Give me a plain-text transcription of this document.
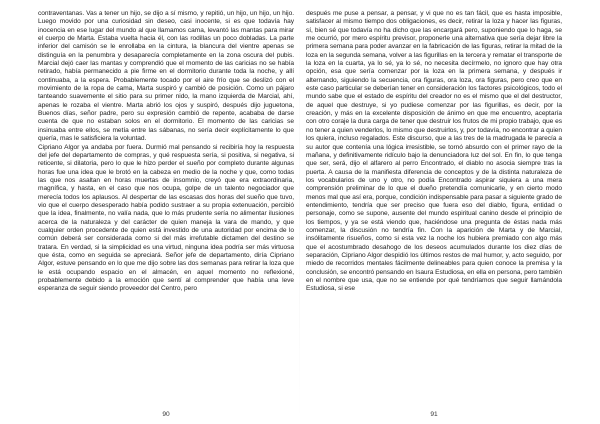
contraventanas. Vas a tener un hijo, se dijo a sí mismo, y repitió, un hijo, un hijo, un hijo. Luego movido por una curiosidad sin deseo, casi inocente, si es que todavía hay inocencia en ese lugar del mundo al que llamamos cama, levantó las mantas para mirar el cuerpo de Marta. Estaba vuelta hacia él, con las rodillas un poco dobladas. La parte inferior del camisón se le enrollaba en la cintura, la blancura del vientre apenas se distinguía en la penumbra y desaparecía completamente en la zona oscura del pubis. Marcial dejó caer las mantas y comprendió que el momento de las caricias no se había retirado, había permanecido a pie firme en el dormitorio durante toda la noche, y allí continuaba, a la espera. Probablemente tocado por el aire frío que se deslizó con el movimiento de la ropa de cama, Marta suspiró y cambió de posición. Como un pájaro tanteando suavemente el sitio para su primer nido, la mano izquierda de Marcial, ahí, apenas le rozaba el vientre. Marta abrió los ojos y suspiró, después dijo juguetona, Buenos días, señor padre, pero su expresión cambió de repente, acababa de darse cuenta de que no estaban solos en el dormitorio. El momento de las caricias se insinuaba entre ellos, se metía entre las sábanas, no sería decir explícitamente lo que quería, mas le satisficiera la voluntad.

Cipriano Algor ya andaba por fuera. Durmió mal pensando si recibiría hoy la respuesta del jefe del departamento de compras, y qué respuesta sería, si positiva, si negativa, si reticente, si dilatoria, pero lo que le hizo perder el sueño por completo durante algunas horas fue una idea que le brotó en la cabeza en medio de la noche y que, como todas las que nos asaltan en horas muertas de insomnio, creyó que era extraordinaria, magnífica, y hasta, en el caso que nos ocupa, golpe de un talento negociador que merecía todos los aplausos. Al despertar de las escasas dos horas del sueño que tuvo, vio que el cuerpo desesperado había podido sustraer a su propia extenuación, percibió que la idea, finalmente, no valía nada, que lo más prudente sería no alimentar ilusiones acerca de la naturaleza y del carácter de quien maneja la vara de mando, y que cualquier orden procedente de quien está investido de una autoridad por encima de lo común deberá ser considerada como si del más irrefutable dictamen del destino se tratara. En verdad, si la simplicidad es una virtud, ninguna idea podría ser más virtuosa que ésta, como en seguida se apreciará. Señor jefe de departamento, diría Cipriano Algor, estuve pensando en lo que me dijo sobre las dos semanas para retirar la loza que le está ocupando espacio en el almacén, en aquel momento no reflexioné, probablemente debido a la emoción que sentí al comprender que había una leve esperanza de seguir siendo proveedor del Centro, pero

90

después me puse a pensar, a pensar, y vi que no es tan fácil, que es hasta imposible, satisfacer al mismo tiempo dos obligaciones, es decir, retirar la loza y hacer las figuras, sí, bien sé que todavía no ha dicho que las encargará pero, suponiendo que lo haga, se me ocurrió, por mero espíritu previsor, proponerle una alternativa que sería dejar libre la primera semana para poder avanzar en la fabricación de las figuras, retirar la mitad de la loza en la segunda semana, volver a las figurillas en la tercera y rematar el transporte de la loza en la cuarta, ya lo sé, ya lo sé, no necesita decírmelo, no ignoro que hay otra opción, esa que sería comenzar por la loza en la primera semana, y después ir alternando, siguiendo la secuencia, ora figuras, ora loza, ora figuras, pero creo que en este caso particular se deberían tener en consideración los factores psicológicos, todo el mundo sabe que el estado de espíritu del creador no es el mismo que el del destructor, de aquel que destruye, si yo pudiese comenzar por las figurillas, es decir, por la creación, y más en la excelente disposición de ánimo en que me encuentro, aceptaría con otro coraje la dura carga de tener que destruir los frutos de mi propio trabajo, que es no tener a quien venderlos, lo mismo que destruirlos, y, por todavía, no encontrar a quien los quiera, incluso regalados. Este discurso, que a las tres de la madrugada le parecía a su autor que contenía una lógica irresistible, se tornó absurdo con el primer rayo de la mañana, y definitivamente ridículo bajo la denunciadora luz del sol. En fin, lo que tenga que ser, será, dijo el alfarero al perro Encontrado, el diablo no asocia siempre tras la puerta. A causa de la manifiesta diferencia de conceptos y de la distinta naturaleza de los vocabularios de uno y otro, no podía Encontrado aspirar siquiera a una mera comprensión preliminar de lo que el dueño pretendía comunicarle, y en cierto modo menos mal que así era, porque, condición indispensable para pasar a siguiente grado de entendimiento, tendría que ser preciso que fuera eso del diablo, figura, entidad o personaje, como se supone, ausente del mundo espiritual canino desde el principio de los tiempos, y ya se está viendo que, haciéndose una pregunta de éstas nada más comenzar, la discusión no tendría fin. Con la aparición de Marta y de Marcial, insólitamente risueños, como si esta vez la noche los hubiera premiado con algo más que el acostumbrado desahogo de los deseos acumulados durante los diez días de separación, Cipriano Algor despidió los últimos restos de mal humor, y, acto seguido, por miedo de recorridos mentales fácilmente delineables para quien conoce la premisa y la conclusión, se encontró pensando en Isaura Estudiosa, en ella en persona, pero también en el nombre que usa, que no se entiende por qué tendríamos que seguir llamándola Estudiosa, si ese

91
